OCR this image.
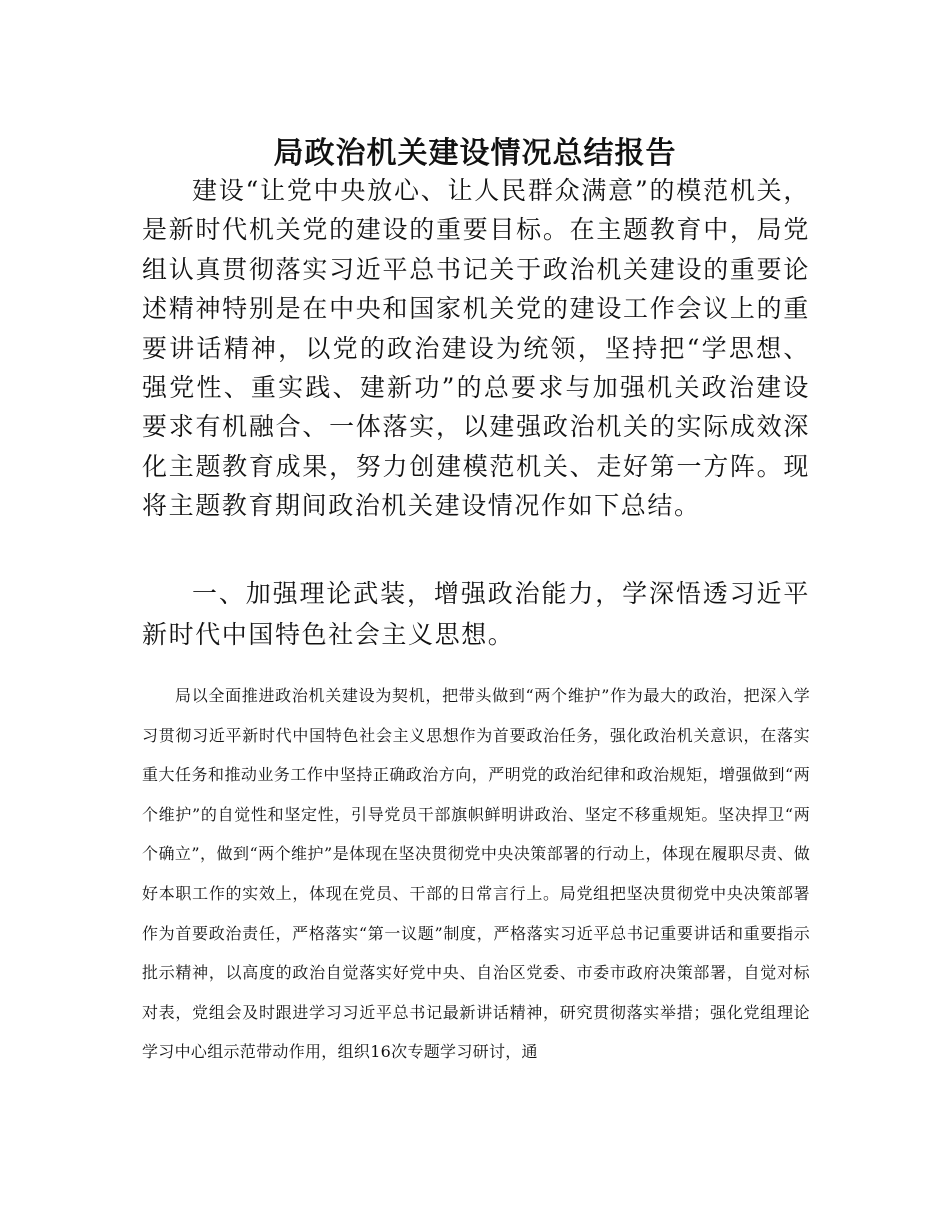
局政治机关建设情况总结报告

建设“让党中央放心、让人民群众满意”的模范机关，是新时代机关党的建设的重要目标。在主题教育中，局党组认真贯彻落实习近平总书记关于政治机关建设的重要论述精神特别是在中央和国家机关党的建设工作会议上的重要讲话精神，以党的政治建设为统领，坚持把“学思想、强党性、重实践、建新功”的总要求与加强机关政治建设要求有机融合、一体落实，以建强政治机关的实际成效深化主题教育成果，努力创建模范机关、走好第一方阵。现将主题教育期间政治机关建设情况作如下总结。

一、加强理论武装，增强政治能力，学深悟透习近平新时代中国特色社会主义思想。

局以全面推进政治机关建设为契机，把带头做到“两个维护”作为最大的政治，把深入学习贯彻习近平新时代中国特色社会主义思想作为首要政治任务，强化政治机关意识，在落实重大任务和推动业务工作中坚持正确政治方向，严明党的政治纪律和政治规矩，增强做到“两个维护”的自觉性和坚定性，引导党员干部旗帜鲜明讲政治、坚定不移重规矩。坚决捍卫“两个确立”，做到“两个维护”是体现在坚决贯彻党中央决策部署的行动上，体现在履职尽责、做好本职工作的实效上，体现在党员、干部的日常言行上。局党组把坚决贯彻党中央决策部署作为首要政治责任，严格落实“第一议题”制度，严格落实习近平总书记重要讲话和重要指示批示精神，以高度的政治自觉落实好党中央、自治区党委、市委市政府决策部署，自觉对标对表，党组会及时跟进学习习近平总书记最新讲话精神，研究贯彻落实举措；强化党组理论学习中心组示范带动作用，组织16次专题学习研讨，通
